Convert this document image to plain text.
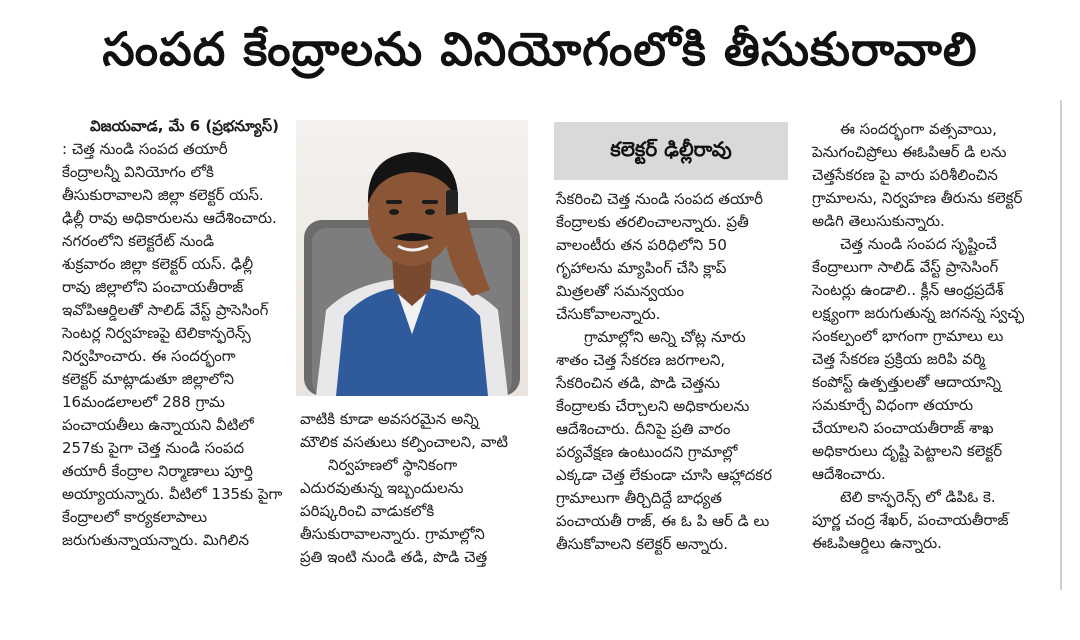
సంపద కేంద్రాలను వినియోగంలోకి తీసుకురావాలి

విజయవాడ, మే 6 (ప్రభన్యూస్)

: చెత్త నుండి సంపద తయారీ

కేంద్రాలన్నీ వినియోగం లోకి

తీసుకురావాలని జిల్లా కలెక్టర్ యస్.

ఢిల్లీ రావు అధికారులను ఆదేశించారు.

నగరంలోని కలెక్టరేట్ నుండి

శుక్రవారం జిల్లా కలెక్టర్ యస్. ఢిల్లీ

రావు జిల్లాలోని పంచాయతీరాజ్

ఇవోపిఆర్డిలతో సాలిడ్ వేస్ట్ ప్రాసెసింగ్

సెంటర్ల నిర్వహణపై టెలికాన్ఫరెన్స్

నిర్వహించారు. ఈ సందర్భంగా

కలెక్టర్ మాట్లాడుతూ జిల్లాలోని

16మండలాలలో 288 గ్రామ

పంచాయతీలు ఉన్నాయని వీటిలో

257కు పైగా చెత్త నుండి సంపద

తయారీ కేంద్రాల నిర్మాణాలు పూర్తి

అయ్యాయన్నారు. వీటిలో 135కు పైగా

కేంద్రాలలో కార్యకలాపాలు

జరుగుతున్నాయన్నారు. మిగిలిన

వాటికి కూడా అవసరమైన అన్ని

మౌలిక వసతులు కల్పించాలని, వాటి

నిర్వహణలో స్థానికంగా

ఎదురవుతున్న ఇబ్బందులను

పరిష్కరించి వాడుకలోకి

తీసుకురావాలన్నారు. గ్రామాల్లోని

ప్రతి ఇంటి నుండి తడి, పొడి చెత్త

కలెక్టర్ ఢిల్లీరావు

సేకరించి చెత్త నుండి సంపద తయారీ

కేంద్రాలకు తరలించాలన్నారు. ప్రతీ

వాలంటీరు తన పరిధిలోని 50

గృహాలను మ్యాపింగ్ చేసి క్లాప్

మిత్రలతో సమన్వయం

చేసుకోవాలన్నారు.

గ్రామాల్లోని అన్ని చోట్ల నూరు

శాతం చెత్త సేకరణ జరగాలని,

సేకరించిన తడి, పొడి చెత్తను

కేంద్రాలకు చేర్చాలని అధికారులను

ఆదేశించారు. దీనిపై ప్రతి వారం

పర్యవేక్షణ ఉంటుందని గ్రామాల్లో

ఎక్కడా చెత్త లేకుండా చూసి ఆహ్లాదకర

గ్రామాలుగా తీర్చిదిద్దే బాధ్యత

పంచాయతీ రాజ్, ఈ ఓ పి ఆర్ డి లు

తీసుకోవాలని కలెక్టర్ అన్నారు.

ఈ సందర్భంగా వత్సవాయి,

పెనుగంచిప్రోలు ఈఓపిఆర్ డి లను

చెత్తసేకరణ పై వారు పరిశీలించిన

గ్రామాలను, నిర్వహణ తీరును కలెక్టర్

అడిగి తెలుసుకున్నారు.

చెత్త నుండి సంపద సృష్టించే

కేంద్రాలుగా సాలిడ్ వేస్ట్ ప్రాసెసింగ్

సెంటర్లు ఉండాలి.. క్లీన్ ఆంధ్రప్రదేశ్

లక్ష్యంగా జరుగుతున్న జగనన్న స్వచ్ఛ

సంకల్పంలో భాగంగా గ్రామాలు లు

చెత్త సేకరణ ప్రక్రియ జరిపి వర్మి

కంపోస్ట్ ఉత్పత్తులతో ఆదాయాన్ని

సమకూర్చే విధంగా తయారు

చేయాలని పంచాయతీరాజ్ శాఖ

అధికారులు దృష్టి పెట్టాలని కలెక్టర్

ఆదేశించారు.

టెలి కాన్ఫరెన్స్ లో డిపిఓ కె.

పూర్ణ చంద్ర శేఖర్, పంచాయతీరాజ్

ఈఓపిఆర్డిలు ఉన్నారు.
